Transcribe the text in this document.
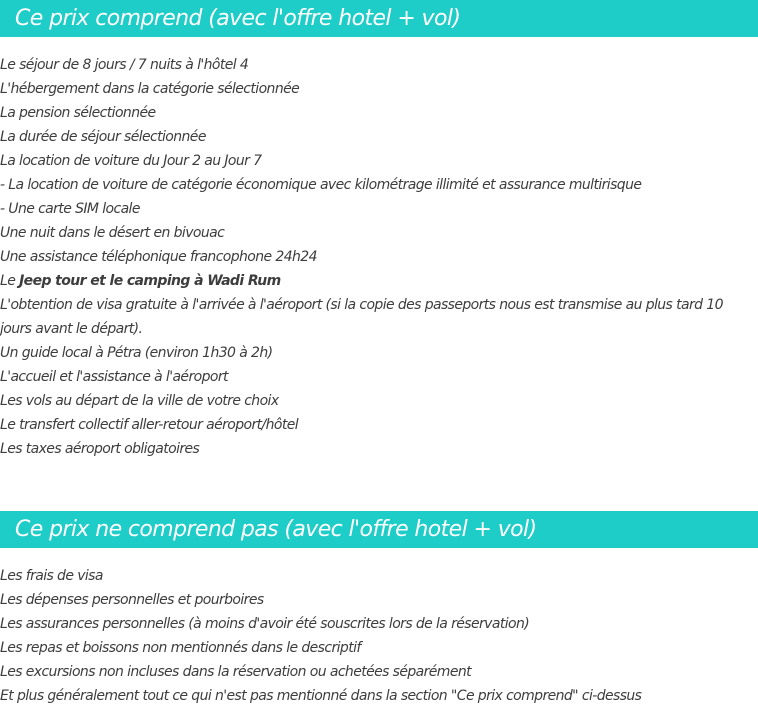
Ce prix comprend (avec l'offre hotel + vol)
Le séjour de 8 jours / 7 nuits à l'hôtel 4
L'hébergement dans la catégorie sélectionnée
La pension sélectionnée
La durée de séjour sélectionnée
La location de voiture du Jour 2 au Jour 7
- La location de voiture de catégorie économique avec kilométrage illimité et assurance multirisque
- Une carte SIM locale
Une nuit dans le désert en bivouac
Une assistance téléphonique francophone 24h24
Le Jeep tour et le camping à Wadi Rum
L'obtention de visa gratuite à l'arrivée à l'aéroport (si la copie des passeports nous est transmise au plus tard 10 jours avant le départ).
Un guide local à Pétra (environ 1h30 à 2h)
L'accueil et l'assistance à l'aéroport
Les vols au départ de la ville de votre choix
Le transfert collectif aller-retour aéroport/hôtel
Les taxes aéroport obligatoires
Ce prix ne comprend pas (avec l'offre hotel + vol)
Les frais de visa
Les dépenses personnelles et pourboires
Les assurances personnelles (à moins d'avoir été souscrites lors de la réservation)
Les repas et boissons non mentionnés dans le descriptif
Les excursions non incluses dans la réservation ou achetées séparément
Et plus généralement tout ce qui n'est pas mentionné dans la section "Ce prix comprend" ci-dessus
